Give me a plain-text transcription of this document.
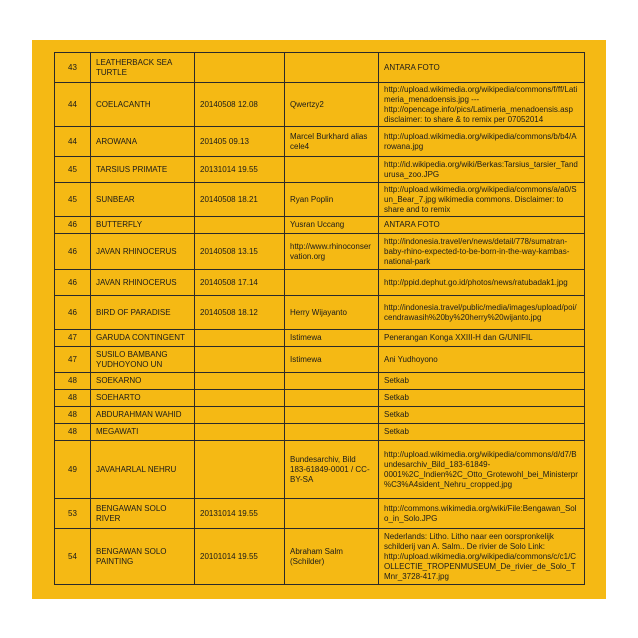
43	LEATHERBACK SEA TURTLE			ANTARA FOTO
44	COELACANTH	20140508 12.08	Qwertzy2	http://upload.wikimedia.org/wikipedia/commons/f/ff/Latimeria_menadoensis.jpg --- http://opencage.info/pics/Latimeria_menadoensis.asp disclaimer: to share & to remix per 07052014
44	AROWANA	201405 09.13	Marcel Burkhard alias cele4	http://upload.wikimedia.org/wikipedia/commons/b/b4/Arowana.jpg
45	TARSIUS PRIMATE	20131014 19.55		http://id.wikipedia.org/wiki/Berkas:Tarsius_tarsier_Tandurusa_zoo.JPG
45	SUNBEAR	20140508 18.21	Ryan Poplin	http://upload.wikimedia.org/wikipedia/commons/a/a0/Sun_Bear_7.jpg wikimedia commons. Disclaimer: to share and to remix
46	BUTTERFLY		Yusran Uccang	ANTARA FOTO
46	JAVAN RHINOCERUS	20140508 13.15	http://www.rhinoconservation.org	http://indonesia.travel/en/news/detail/778/sumatran-baby-rhino-expected-to-be-born-in-the-way-kambas-national-park
46	JAVAN RHINOCERUS	20140508 17.14		http://ppid.dephut.go.id/photos/news/ratubadak1.jpg
46	BIRD OF PARADISE	20140508 18.12	Herry Wijayanto	http://indonesia.travel/public/media/images/upload/poi/cendrawasih%20by%20herry%20wijanto.jpg
47	GARUDA CONTINGENT		Istimewa	Penerangan Konga XXIII-H dan G/UNIFIL
47	SUSILO BAMBANG YUDHOYONO UN		Istimewa	Ani Yudhoyono
48	SOEKARNO			Setkab
48	SOEHARTO			Setkab
48	ABDURAHMAN WAHID			Setkab
48	MEGAWATI			Setkab
49	JAVAHARLAL NEHRU		Bundesarchiv, Bild 183-61849-0001 / CC-BY-SA	http://upload.wikimedia.org/wikipedia/commons/d/d7/Bundesarchiv_Bild_183-61849-0001%2C_Indien%2C_Otto_Grotewohl_bei_Ministerpr%C3%A4sident_Nehru_cropped.jpg
53	BENGAWAN SOLO RIVER	20131014 19.55		http://commons.wikimedia.org/wiki/File:Bengawan_Solo_in_Solo.JPG
54	BENGAWAN SOLO PAINTING	20101014 19.55	Abraham Salm (Schilder)	Nederlands: Litho. Litho naar een oorspronkelijk schilderij van A. Salm.. De rivier de Solo Link: http://upload.wikimedia.org/wikipedia/commons/c/c1/COLLECTIE_TROPENMUSEUM_De_rivier_de_Solo_TMnr_3728-417.jpg
